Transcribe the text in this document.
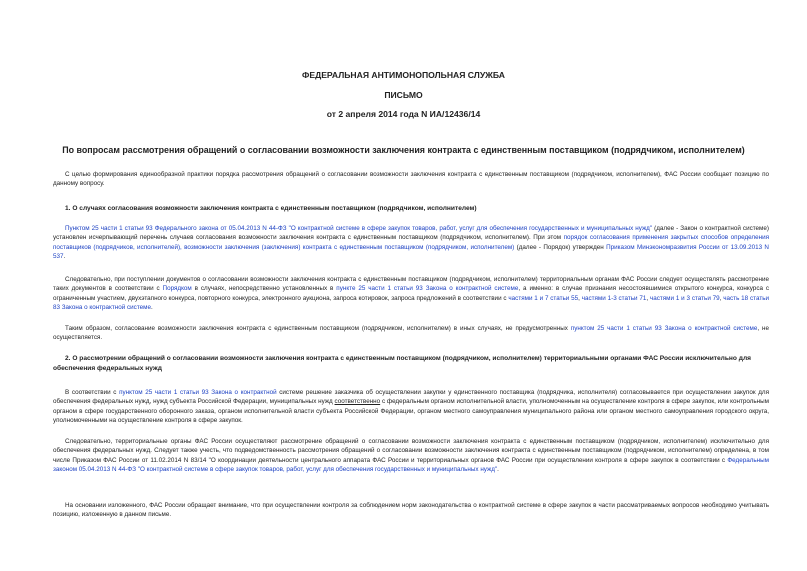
ФЕДЕРАЛЬНАЯ АНТИМОНОПОЛЬНАЯ СЛУЖБА
ПИСЬМО
от 2 апреля 2014 года N ИА/12436/14
По вопросам рассмотрения обращений о согласовании возможности заключения контракта с единственным поставщиком (подрядчиком, исполнителем)

С целью формирования единообразной практики порядка рассмотрения обращений о согласовании возможности заключения контракта с единственным поставщиком (подрядчиком, исполнителем), ФАС России сообщает позицию по данному вопросу.

1. О случаях согласования возможности заключения контракта с единственным поставщиком (подрядчиком, исполнителем)

Пунктом 25 части 1 статьи 93 Федерального закона от 05.04.2013 N 44-ФЗ "О контрактной системе в сфере закупок товаров, работ, услуг для обеспечения государственных и муниципальных нужд" (далее - Закон о контрактной системе) установлен исчерпывающий перечень случаев согласования возможности заключения контракта с единственным поставщиком (подрядчиком, исполнителем). При этом порядок согласования применения закрытых способов определения поставщиков (подрядчиков, исполнителей), возможности заключения (заключения) контракта с единственным поставщиком (подрядчиком, исполнителем) (далее - Порядок) утвержден Приказом Минэкономразвития России от 13.09.2013 N 537.

Следовательно, при поступлении документов о согласовании возможности заключения контракта с единственным поставщиком (подрядчиком, исполнителем) территориальным органам ФАС России следует осуществлять рассмотрение таких документов в соответствии с Порядком в случаях, непосредственно установленных в пункте 25 части 1 статьи 93 Закона о контрактной системе, а именно: в случае признания несостоявшимися открытого конкурса, конкурса с ограниченным участием, двухэтапного конкурса, повторного конкурса, электронного аукциона, запроса котировок, запроса предложений в соответствии с частями 1 и 7 статьи 55, частями 1-3 статьи 71, частями 1 и 3 статьи 79, часть 18 статьи 83 Закона о контрактной системе.

Таким образом, согласование возможности заключения контракта с единственным поставщиком (подрядчиком, исполнителем) в иных случаях, не предусмотренных пунктом 25 части 1 статьи 93 Закона о контрактной системе, не осуществляется.

2. О рассмотрении обращений о согласовании возможности заключения контракта с единственным поставщиком (подрядчиком, исполнителем) территориальными органами ФАС России исключительно для обеспечения федеральных нужд

В соответствии с пунктом 25 части 1 статьи 93 Закона о контрактной системе решение заказчика об осуществлении закупки у единственного поставщика (подрядчика, исполнителя) согласовывается при осуществлении закупок для обеспечения федеральных нужд, нужд субъекта Российской Федерации, муниципальных нужд соответственно с федеральным органом исполнительной власти, уполномоченным на осуществление контроля в сфере закупок, или контрольным органом в сфере государственного оборонного заказа, органом исполнительной власти субъекта Российской Федерации, органом местного самоуправления муниципального района или органом местного самоуправления городского округа, уполномоченными на осуществление контроля в сфере закупок.

Следовательно, территориальные органы ФАС России осуществляют рассмотрение обращений о согласовании возможности заключения контракта с единственным поставщиком (подрядчиком, исполнителем) исключительно для обеспечения федеральных нужд. Следует также учесть, что подведомственность рассмотрения обращений о согласовании возможности заключения контракта с единственным поставщиком (подрядчиком, исполнителем) определена, в том числе Приказом ФАС России от 11.02.2014 N 83/14 "О координации деятельности центрального аппарата ФАС России и территориальных органов ФАС России при осуществлении контроля в сфере закупок в соответствии с Федеральным законом 05.04.2013 N 44-ФЗ "О контрактной системе в сфере закупок товаров, работ, услуг для обеспечения государственных и муниципальных нужд".

На основании изложенного, ФАС России обращает внимание, что при осуществлении контроля за соблюдением норм законодательства о контрактной системе в сфере закупок в части рассматриваемых вопросов необходимо учитывать позицию, изложенную в данном письме.
